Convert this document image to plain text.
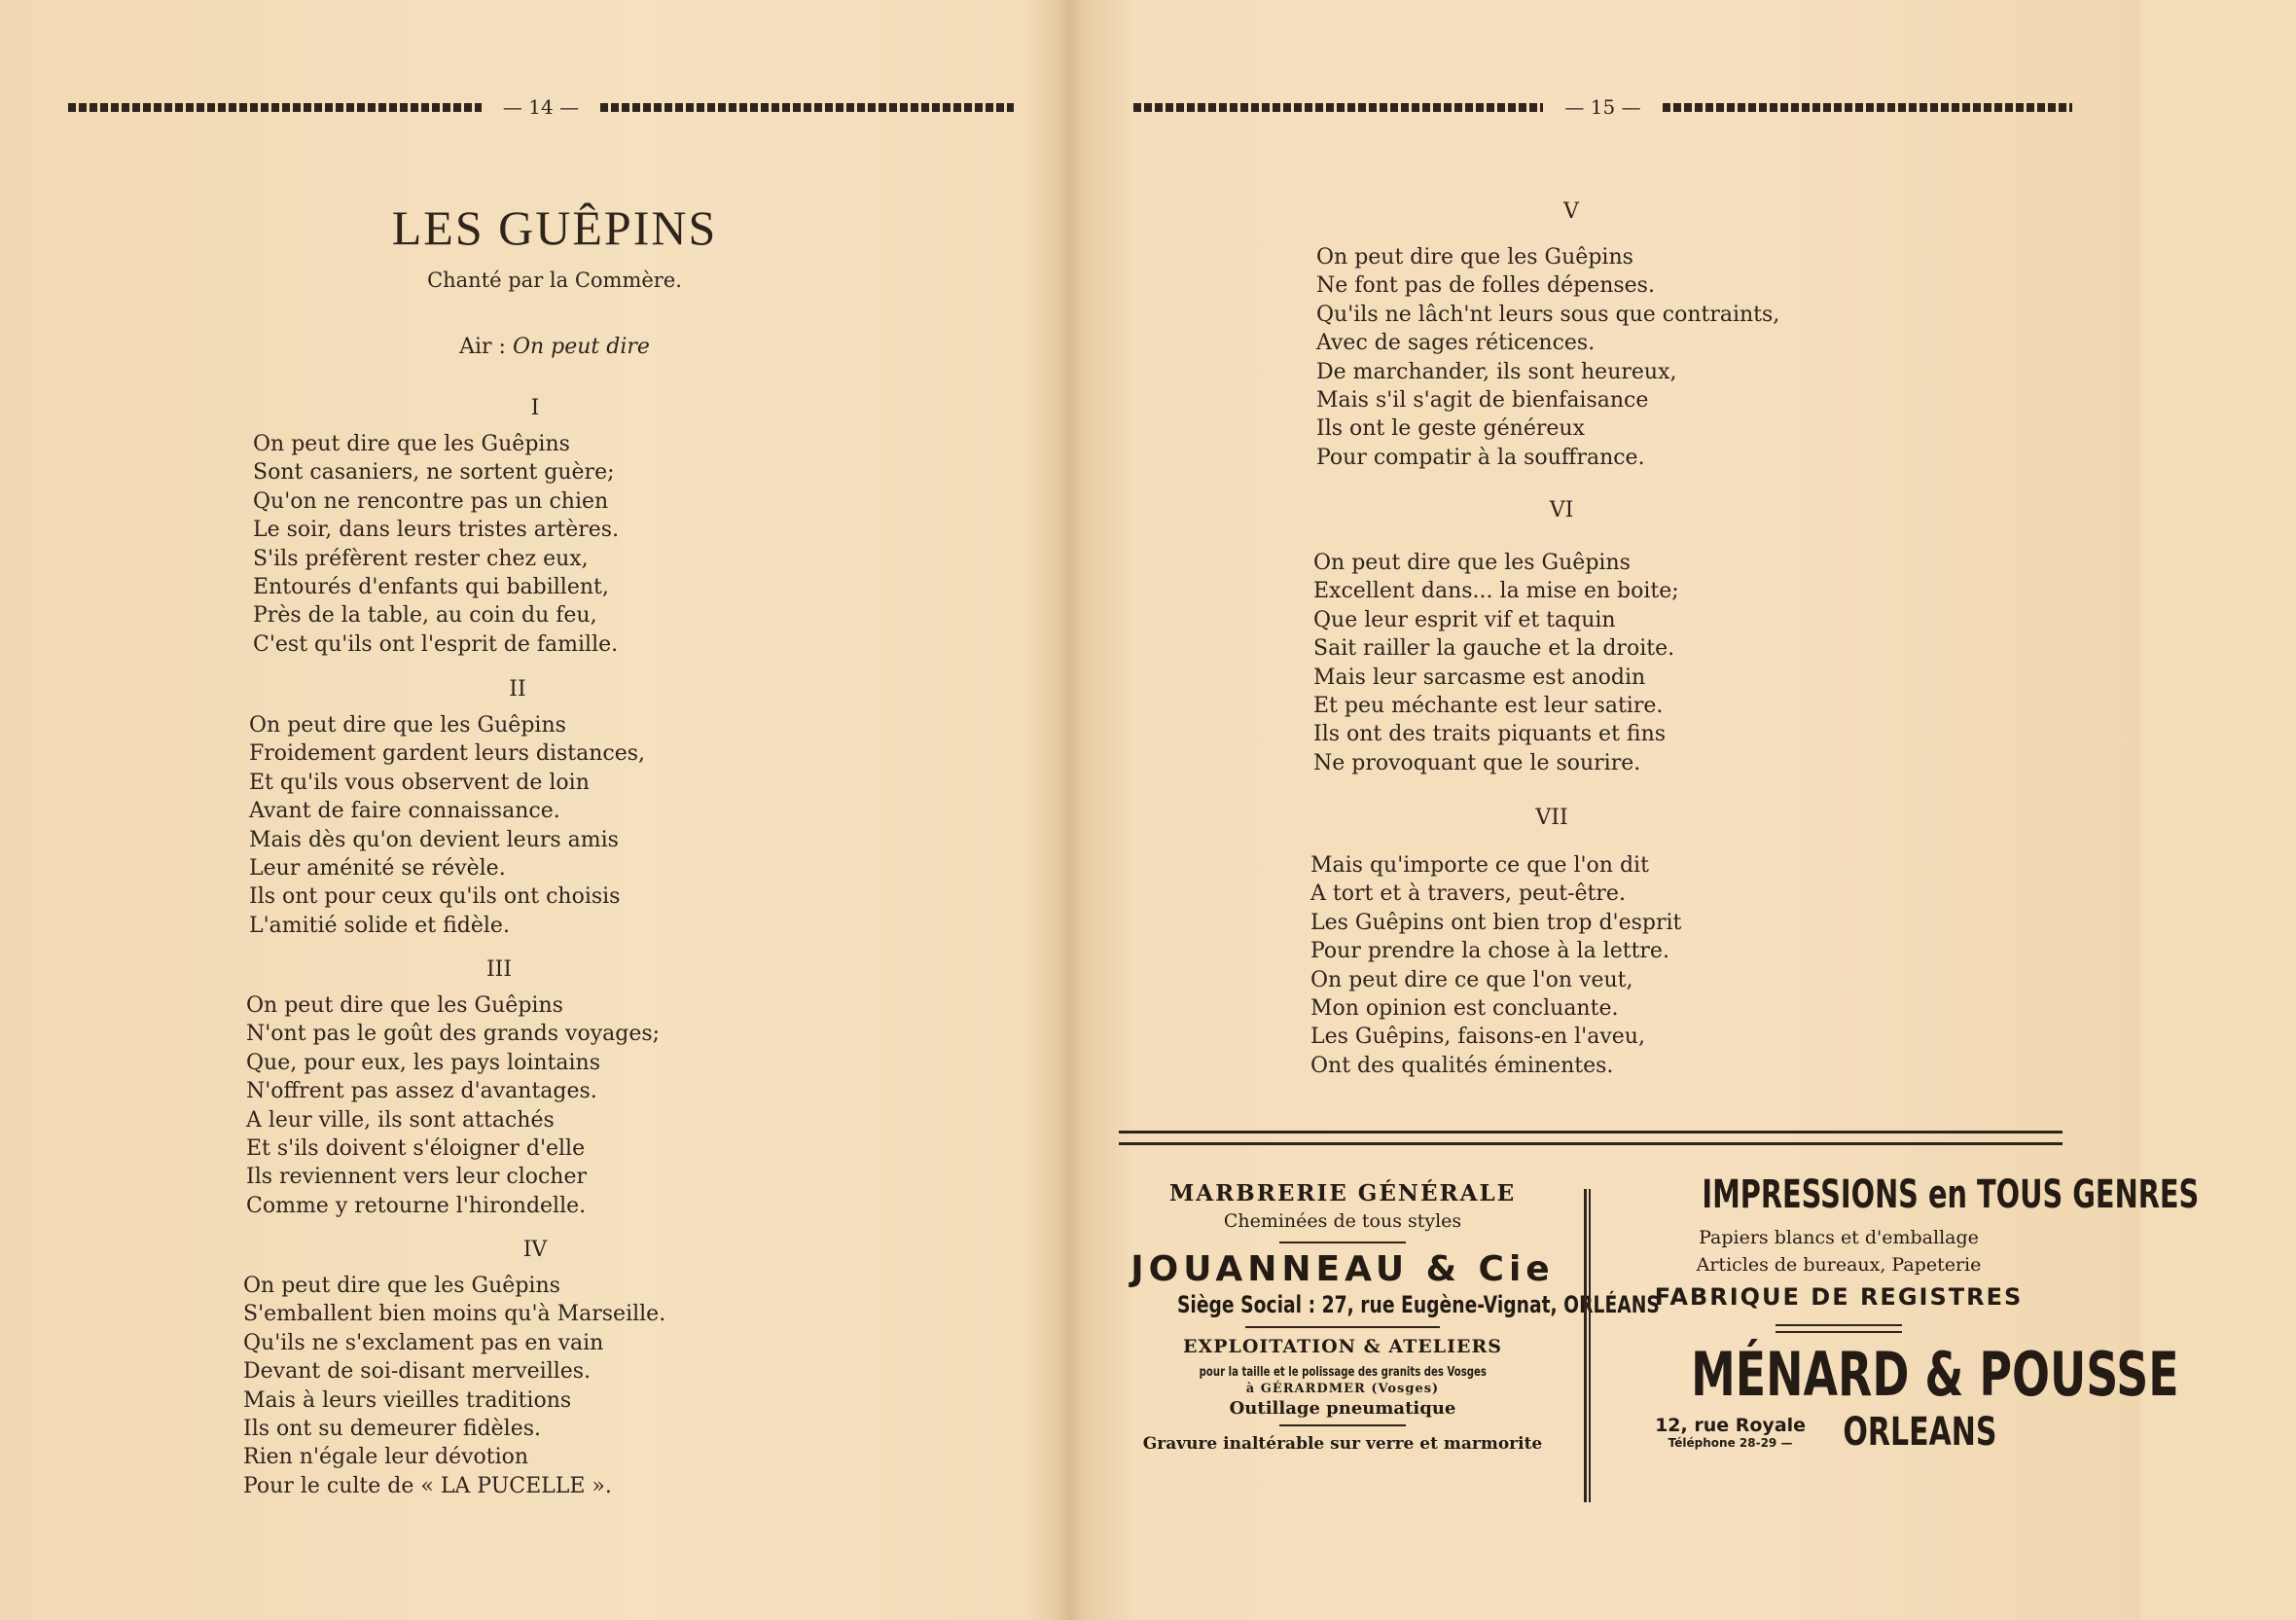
— 14 —
LES GUÊPINS
Chanté par la Commère.
Air : On peut dire
I
On peut dire que les Guêpins
Sont casaniers, ne sortent guère;
Qu'on ne rencontre pas un chien
Le soir, dans leurs tristes artères.
S'ils préfèrent rester chez eux,
Entourés d'enfants qui babillent,
Près de la table, au coin du feu,
C'est qu'ils ont l'esprit de famille.
II
On peut dire que les Guêpins
Froidement gardent leurs distances,
Et qu'ils vous observent de loin
Avant de faire connaissance.
Mais dès qu'on devient leurs amis
Leur aménité se révèle.
Ils ont pour ceux qu'ils ont choisis
L'amitié solide et fidèle.
III
On peut dire que les Guêpins
N'ont pas le goût des grands voyages;
Que, pour eux, les pays lointains
N'offrent pas assez d'avantages.
A leur ville, ils sont attachés
Et s'ils doivent s'éloigner d'elle
Ils reviennent vers leur clocher
Comme y retourne l'hirondelle.
IV
On peut dire que les Guêpins
S'emballent bien moins qu'à Marseille.
Qu'ils ne s'exclament pas en vain
Devant de soi-disant merveilles.
Mais à leurs vieilles traditions
Ils ont su demeurer fidèles.
Rien n'égale leur dévotion
Pour le culte de « LA PUCELLE ».
— 15 —
V
On peut dire que les Guêpins
Ne font pas de folles dépenses.
Qu'ils ne lâch'nt leurs sous que contraints,
Avec de sages réticences.
De marchander, ils sont heureux,
Mais s'il s'agit de bienfaisance
Ils ont le geste généreux
Pour compatir à la souffrance.
VI
On peut dire que les Guêpins
Excellent dans... la mise en boite;
Que leur esprit vif et taquin
Sait railler la gauche et la droite.
Mais leur sarcasme est anodin
Et peu méchante est leur satire.
Ils ont des traits piquants et fins
Ne provoquant que le sourire.
VII
Mais qu'importe ce que l'on dit
A tort et à travers, peut-être.
Les Guêpins ont bien trop d'esprit
Pour prendre la chose à la lettre.
On peut dire ce que l'on veut,
Mon opinion est concluante.
Les Guêpins, faisons-en l'aveu,
Ont des qualités éminentes.
MARBRERIE GÉNÉRALE
Cheminées de tous styles
JOUANNEAU & Cie
Siège Social : 27, rue Eugène-Vignat, ORLÉANS
EXPLOITATION & ATELIERS
pour la taille et le polissage des granits des Vosges
à GÉRARDMER (Vosges)
Outillage pneumatique
Gravure inaltérable sur verre et marmorite
IMPRESSIONS en TOUS GENRES
Papiers blancs et d'emballage
Articles de bureaux, Papeterie
FABRIQUE DE REGISTRES
MÉNARD & POUSSE
12, rue Royale
Téléphone 28-29 —	ORLEANS
